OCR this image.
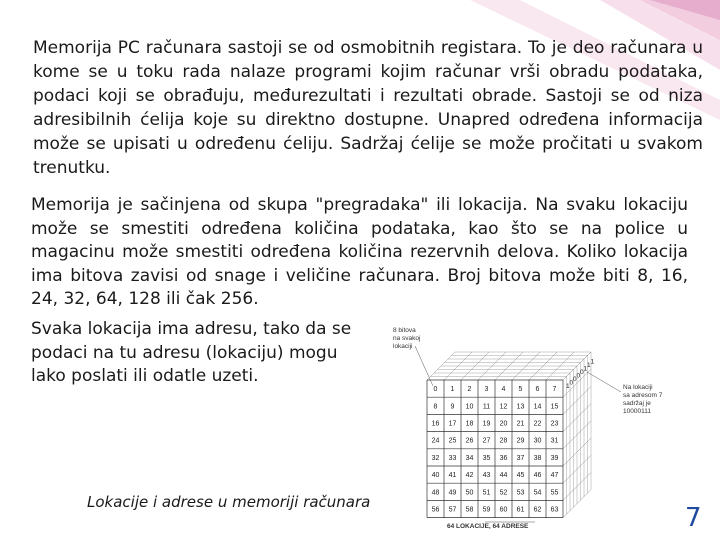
Memorija PC računara sastoji se od osmobitnih registara. To je deo računara u kome se u toku rada nalaze programi kojim računar vrši obradu podataka, podaci koji se obrađuju, međurezultati i rezultati obrade. Sastoji se od niza adresibilnih ćelija koje su direktno dostupne. Unapred određena informacija može se upisati u određenu ćeliju. Sadržaj ćelije se može pročitati u svakom trenutku.
Memorija je sačinjena od skupa "pregradaka" ili lokacija. Na svaku lokaciju može se smestiti određena količina podataka, kao što se na police u magacinu može smestiti određena količina rezervnih delova. Koliko lokacija ima bitova zavisi od snage i veličine računara. Broj bitova može biti 8, 16, 24, 32, 64, 128 ili čak 256.
Svaka lokacija ima adresu, tako da se podaci na tu adresu (lokaciju) mogu lako poslati ili odatle uzeti.
0 1 2 3 4 5 6 7
8 9 10 11 12 13 14 15
16 17 18 19 20 21 22 23
24 25 26 27 28 29 30 31
32 33 34 35 36 37 38 39
40 41 42 43 44 45 46 47
48 49 50 51 52 53 54 55
56 57 58 59 60 61 62 63
1 0 0 0 0 1 1 1
8 bitova
na svakoj
lokaciji
Na lokaciji
sa adresom 7
sadržaj je
10000111
64 LOKACIJE, 64 ADRESE
Lokacije i adrese u memoriji računara
7
